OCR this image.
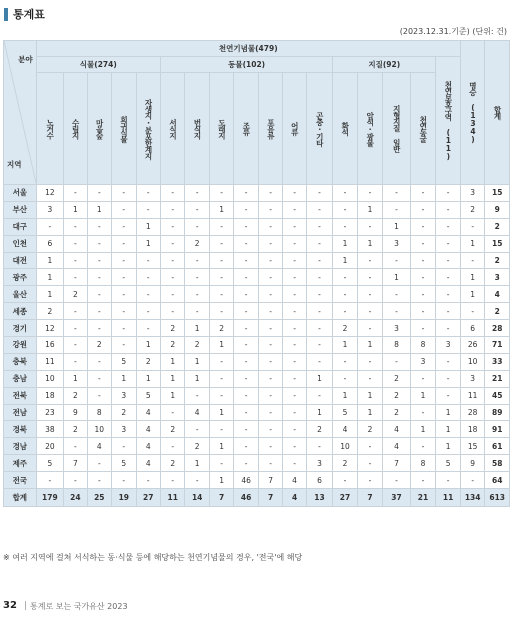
통계표
(2023.12.31.기준) (단위: 건)
분야
지역	천연기념물(479)																	명승 (134)	합계

	식물(274)					동물(102)							지질(92)				천연보호구역 (11)		

	노거수	수림지	마을숲	희귀식물	자생지·분포한계지	서식지	번식지	도래지	조류	포유류	어류	곤충·기타	화석	암석·광물	지형지질 일반	천연동굴			

서울	12	-	-	-	-	-	-	-	-	-	-	-	-	-	-	-	-	3	15
부산	3	1	1	-	-	-	-	1	-	-	-	-	-	1	-	-	-	2	9
대구	-	-	-	-	1	-	-	-	-	-	-	-	-	-	1	-	-	-	2
인천	6	-	-	-	1	-	2	-	-	-	-	-	1	1	3	-	-	1	15
대전	1	-	-	-	-	-	-	-	-	-	-	-	1	-	-	-	-	-	2
광주	1	-	-	-	-	-	-	-	-	-	-	-	-	-	1	-	-	1	3
울산	1	2	-	-	-	-	-	-	-	-	-	-	-	-	-	-	-	1	4
세종	2	-	-	-	-	-	-	-	-	-	-	-	-	-	-	-	-	-	2
경기	12	-	-	-	-	2	1	2	-	-	-	-	2	-	3	-	-	6	28
강원	16	-	2	-	1	2	2	1	-	-	-	-	1	1	8	8	3	26	71
충북	11	-	-	5	2	1	1	-	-	-	-	-	-	-	-	3	-	10	33
충남	10	1	-	1	1	1	1	-	-	-	-	1	-	-	2	-	-	3	21
전북	18	2	-	3	5	1	-	-	-	-	-	-	1	1	2	1	-	11	45
전남	23	9	8	2	4	-	4	1	-	-	-	1	5	1	2	-	1	28	89
경북	38	2	10	3	4	2	-	-	-	-	-	2	4	2	4	1	1	18	91
경남	20	-	4	-	4	-	2	1	-	-	-	-	10	-	4	-	1	15	61
제주	5	7	-	5	4	2	1	-	-	-	-	3	2	-	7	8	5	9	58
전국	-	-	-	-	-	-	-	1	46	7	4	6	-	-	-	-	-	-	64
합계	179	24	25	19	27	11	14	7	46	7	4	13	27	7	37	21	11	134	613
※ 여러 지역에 걸쳐 서식하는 동·식물 등에 해당하는 천연기념물의 경우, '전국'에 해당
32 | 통계로 보는 국가유산 2023
